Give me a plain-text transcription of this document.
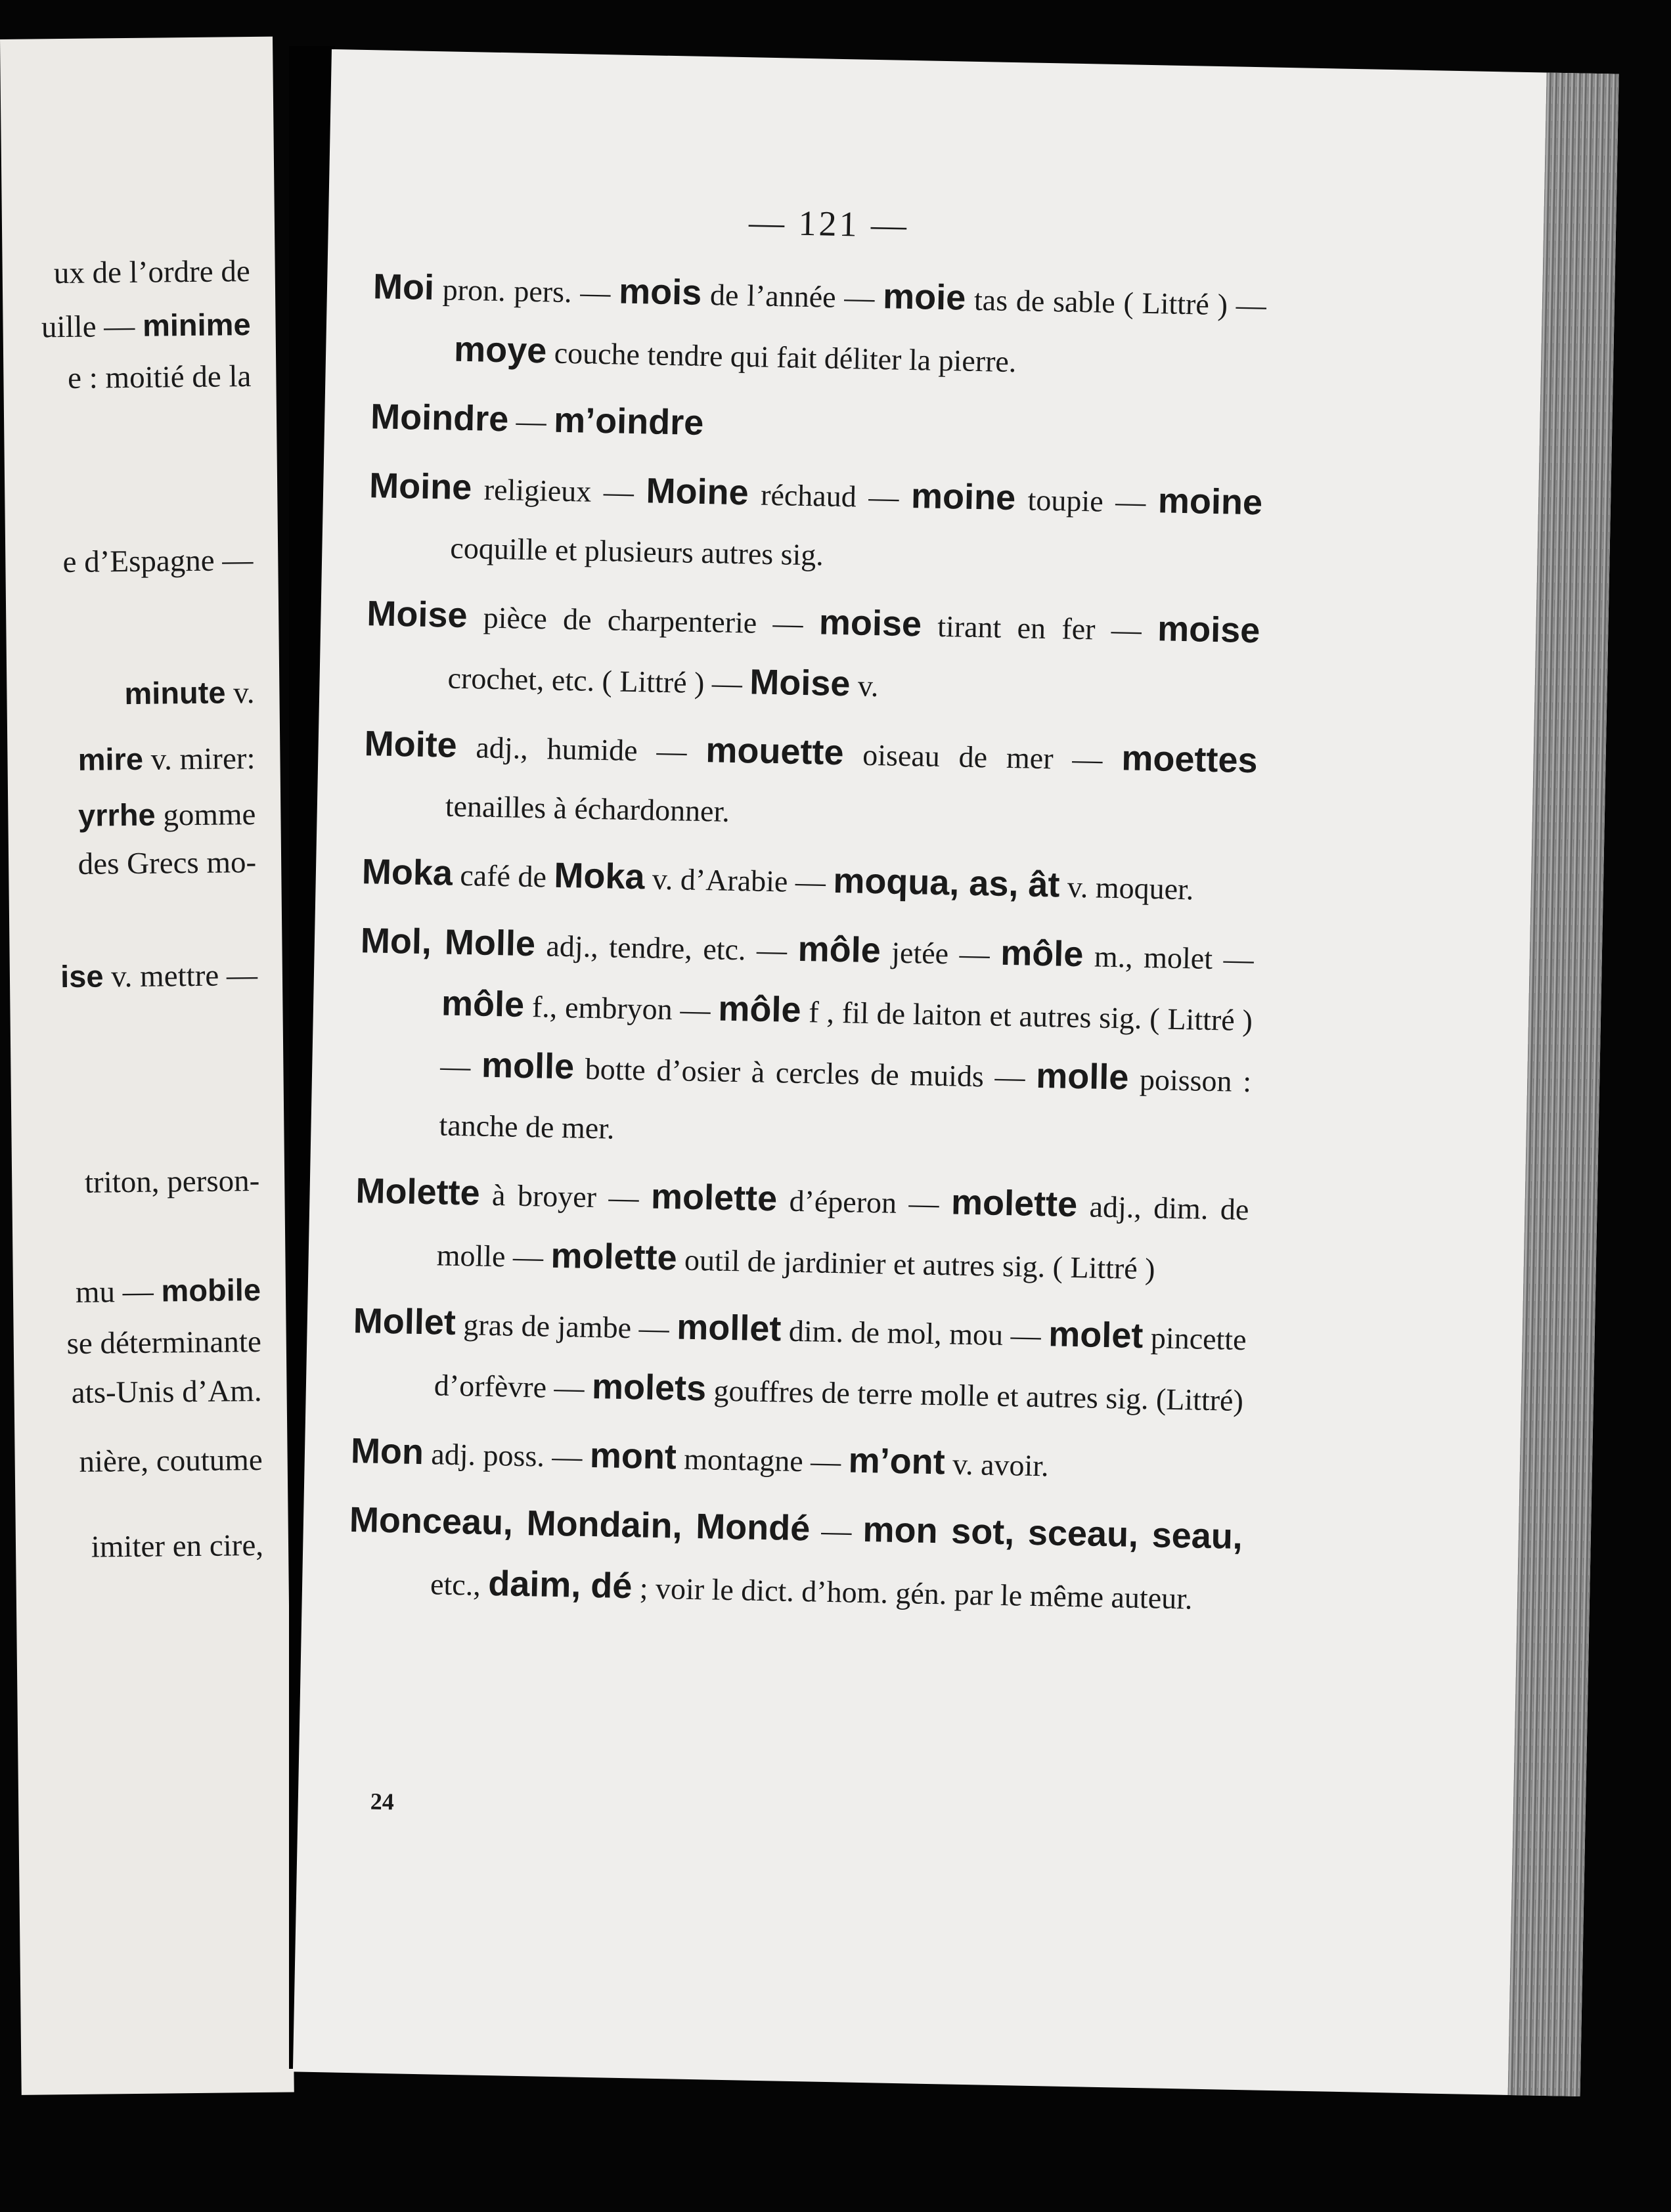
ux de l’ordre de
uille — minime
e : moitié de la
e d’Espagne —
minute v.
mire v. mirer:
yrrhe gomme
des Grecs mo-
ise v. mettre —
triton, person-
mu — mobile
se déterminante
ats-Unis d’Am.
nière, coutume
imiter en cire,
— 121 —
Moi pron. pers. — mois de l’année — moie tas de sable ( Littré ) — moye couche tendre qui fait déliter la pierre.
Moindre — m’oindre
Moine religieux — Moine réchaud — moine toupie — moine coquille et plusieurs autres sig.
Moise pièce de charpenterie — moise tirant en fer — moise crochet, etc. ( Littré ) — Moise v.
Moite adj., humide — mouette oiseau de mer — moettes tenailles à échardonner.
Moka café de Moka v. d’Arabie — moqua, as, ât v. moquer.
Mol, Molle adj., tendre, etc. — môle jetée — môle m., molet — môle f., embryon — môle f , fil de laiton et autres sig. ( Littré ) — molle botte d’osier à cercles de muids — molle poisson : tanche de mer.
Molette à broyer — molette d’éperon — molette adj., dim. de molle — molette outil de jardinier et autres sig. ( Littré )
Mollet gras de jambe — mollet dim. de mol, mou — molet pincette d’orfèvre — molets gouffres de terre molle et autres sig. (Littré)
Mon adj. poss. — mont montagne — m’ont v. avoir.
Monceau, Mondain, Mondé — mon sot, sceau, seau, etc., daim, dé ; voir le dict. d’hom. gén. par le même auteur.
24
